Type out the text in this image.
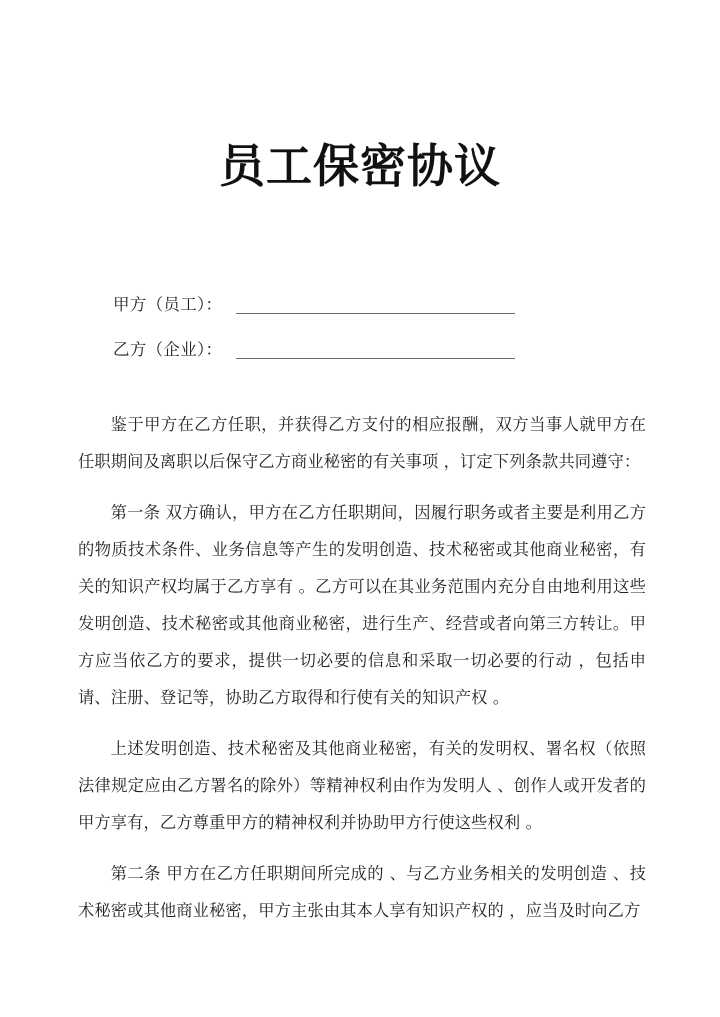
员工保密协议
甲方（员工）：
乙方（企业）：

鉴于甲方在乙方任职，并获得乙方支付的相应报酬，双方当事人就甲方在任职期间及离职以后保守乙方商业秘密的有关事项 ，订定下列条款共同遵守：

第一条 双方确认，甲方在乙方任职期间，因履行职务或者主要是利用乙方的物质技术条件、业务信息等产生的发明创造、技术秘密或其他商业秘密，有关的知识产权均属于乙方享有 。乙方可以在其业务范围内充分自由地利用这些发明创造、技术秘密或其他商业秘密，进行生产、经营或者向第三方转让。甲方应当依乙方的要求，提供一切必要的信息和采取一切必要的行动 ，包括申请、注册、登记等，协助乙方取得和行使有关的知识产权 。

上述发明创造、技术秘密及其他商业秘密，有关的发明权、署名权（依照法律规定应由乙方署名的除外）等精神权利由作为发明人 、创作人或开发者的甲方享有，乙方尊重甲方的精神权利并协助甲方行使这些权利 。

第二条 甲方在乙方任职期间所完成的 、与乙方业务相关的发明创造 、技术秘密或其他商业秘密，甲方主张由其本人享有知识产权的 ，应当及时向乙方
